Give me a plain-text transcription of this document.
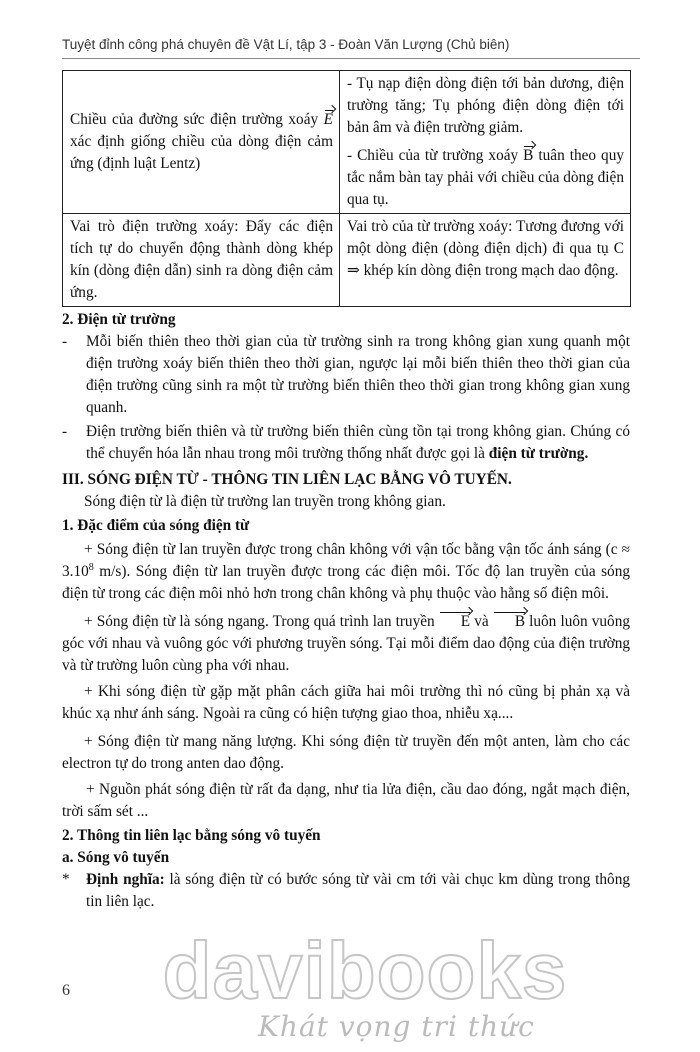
Tuyệt đỉnh công phá chuyên đề Vật Lí, tập 3 - Đoàn Văn Lượng (Chủ biên)
Chiều của đường sức điện trường xoáy E xác định giống chiều của dòng điện cảm ứng (định luật Lentz)	- Tụ nạp điện dòng điện tới bản dương, điện trường tăng; Tụ phóng điện dòng điện tới bản âm và điện trường giảm.

- Chiều của từ trường xoáy B tuân theo quy tắc nắm bàn tay phải với chiều của dòng điện qua tụ.

Vai trò điện trường xoáy: Đẩy các điện tích tự do chuyển động thành dòng khép kín (dòng điện dẫn) sinh ra dòng điện cảm ứng.	Vai trò của từ trường xoáy: Tương đương với một dòng điện (dòng điện dịch) đi qua tụ C ⇒ khép kín dòng điện trong mạch dao động.

2. Điện từ trường

- Mỗi biến thiên theo thời gian của từ trường sinh ra trong không gian xung quanh một điện trường xoáy biến thiên theo thời gian, ngược lại mỗi biến thiên theo thời gian của điện trường cũng sinh ra một từ trường biến thiên theo thời gian trong không gian xung quanh.
- Điện trường biến thiên và từ trường biến thiên cùng tồn tại trong không gian. Chúng có thể chuyển hóa lẫn nhau trong môi trường thống nhất được gọi là điện từ trường.

III. SÓNG ĐIỆN TỪ - THÔNG TIN LIÊN LẠC BẰNG VÔ TUYẾN.

Sóng điện từ là điện từ trường lan truyền trong không gian.

1. Đặc điểm của sóng điện từ

+ Sóng điện từ lan truyền được trong chân không với vận tốc bằng vận tốc ánh sáng ($c \approx 3.10^8$ m/s). Sóng điện từ lan truyền được trong các điện môi. Tốc độ lan truyền của sóng điện từ trong các điện môi nhỏ hơn trong chân không và phụ thuộc vào hằng số điện môi.

+ Sóng điện từ là sóng ngang. Trong quá trình lan truyền E và B luôn luôn vuông góc với nhau và vuông góc với phương truyền sóng. Tại mỗi điểm dao động của điện trường và từ trường luôn cùng pha với nhau.

+ Khi sóng điện từ gặp mặt phân cách giữa hai môi trường thì nó cũng bị phản xạ và khúc xạ như ánh sáng. Ngoài ra cũng có hiện tượng giao thoa, nhiễu xạ....

+ Sóng điện từ mang năng lượng. Khi sóng điện từ truyền đến một anten, làm cho các electron tự do trong anten dao động.

+ Nguồn phát sóng điện từ rất đa dạng, như tia lửa điện, cầu dao đóng, ngắt mạch điện, trời sấm sét ...

2. Thông tin liên lạc bằng sóng vô tuyến

a. Sóng vô tuyến

* Định nghĩa: là sóng điện từ có bước sóng từ vài cm tới vài chục km dùng trong thông tin liên lạc.
6 davibooks
Khát vọng tri thức
